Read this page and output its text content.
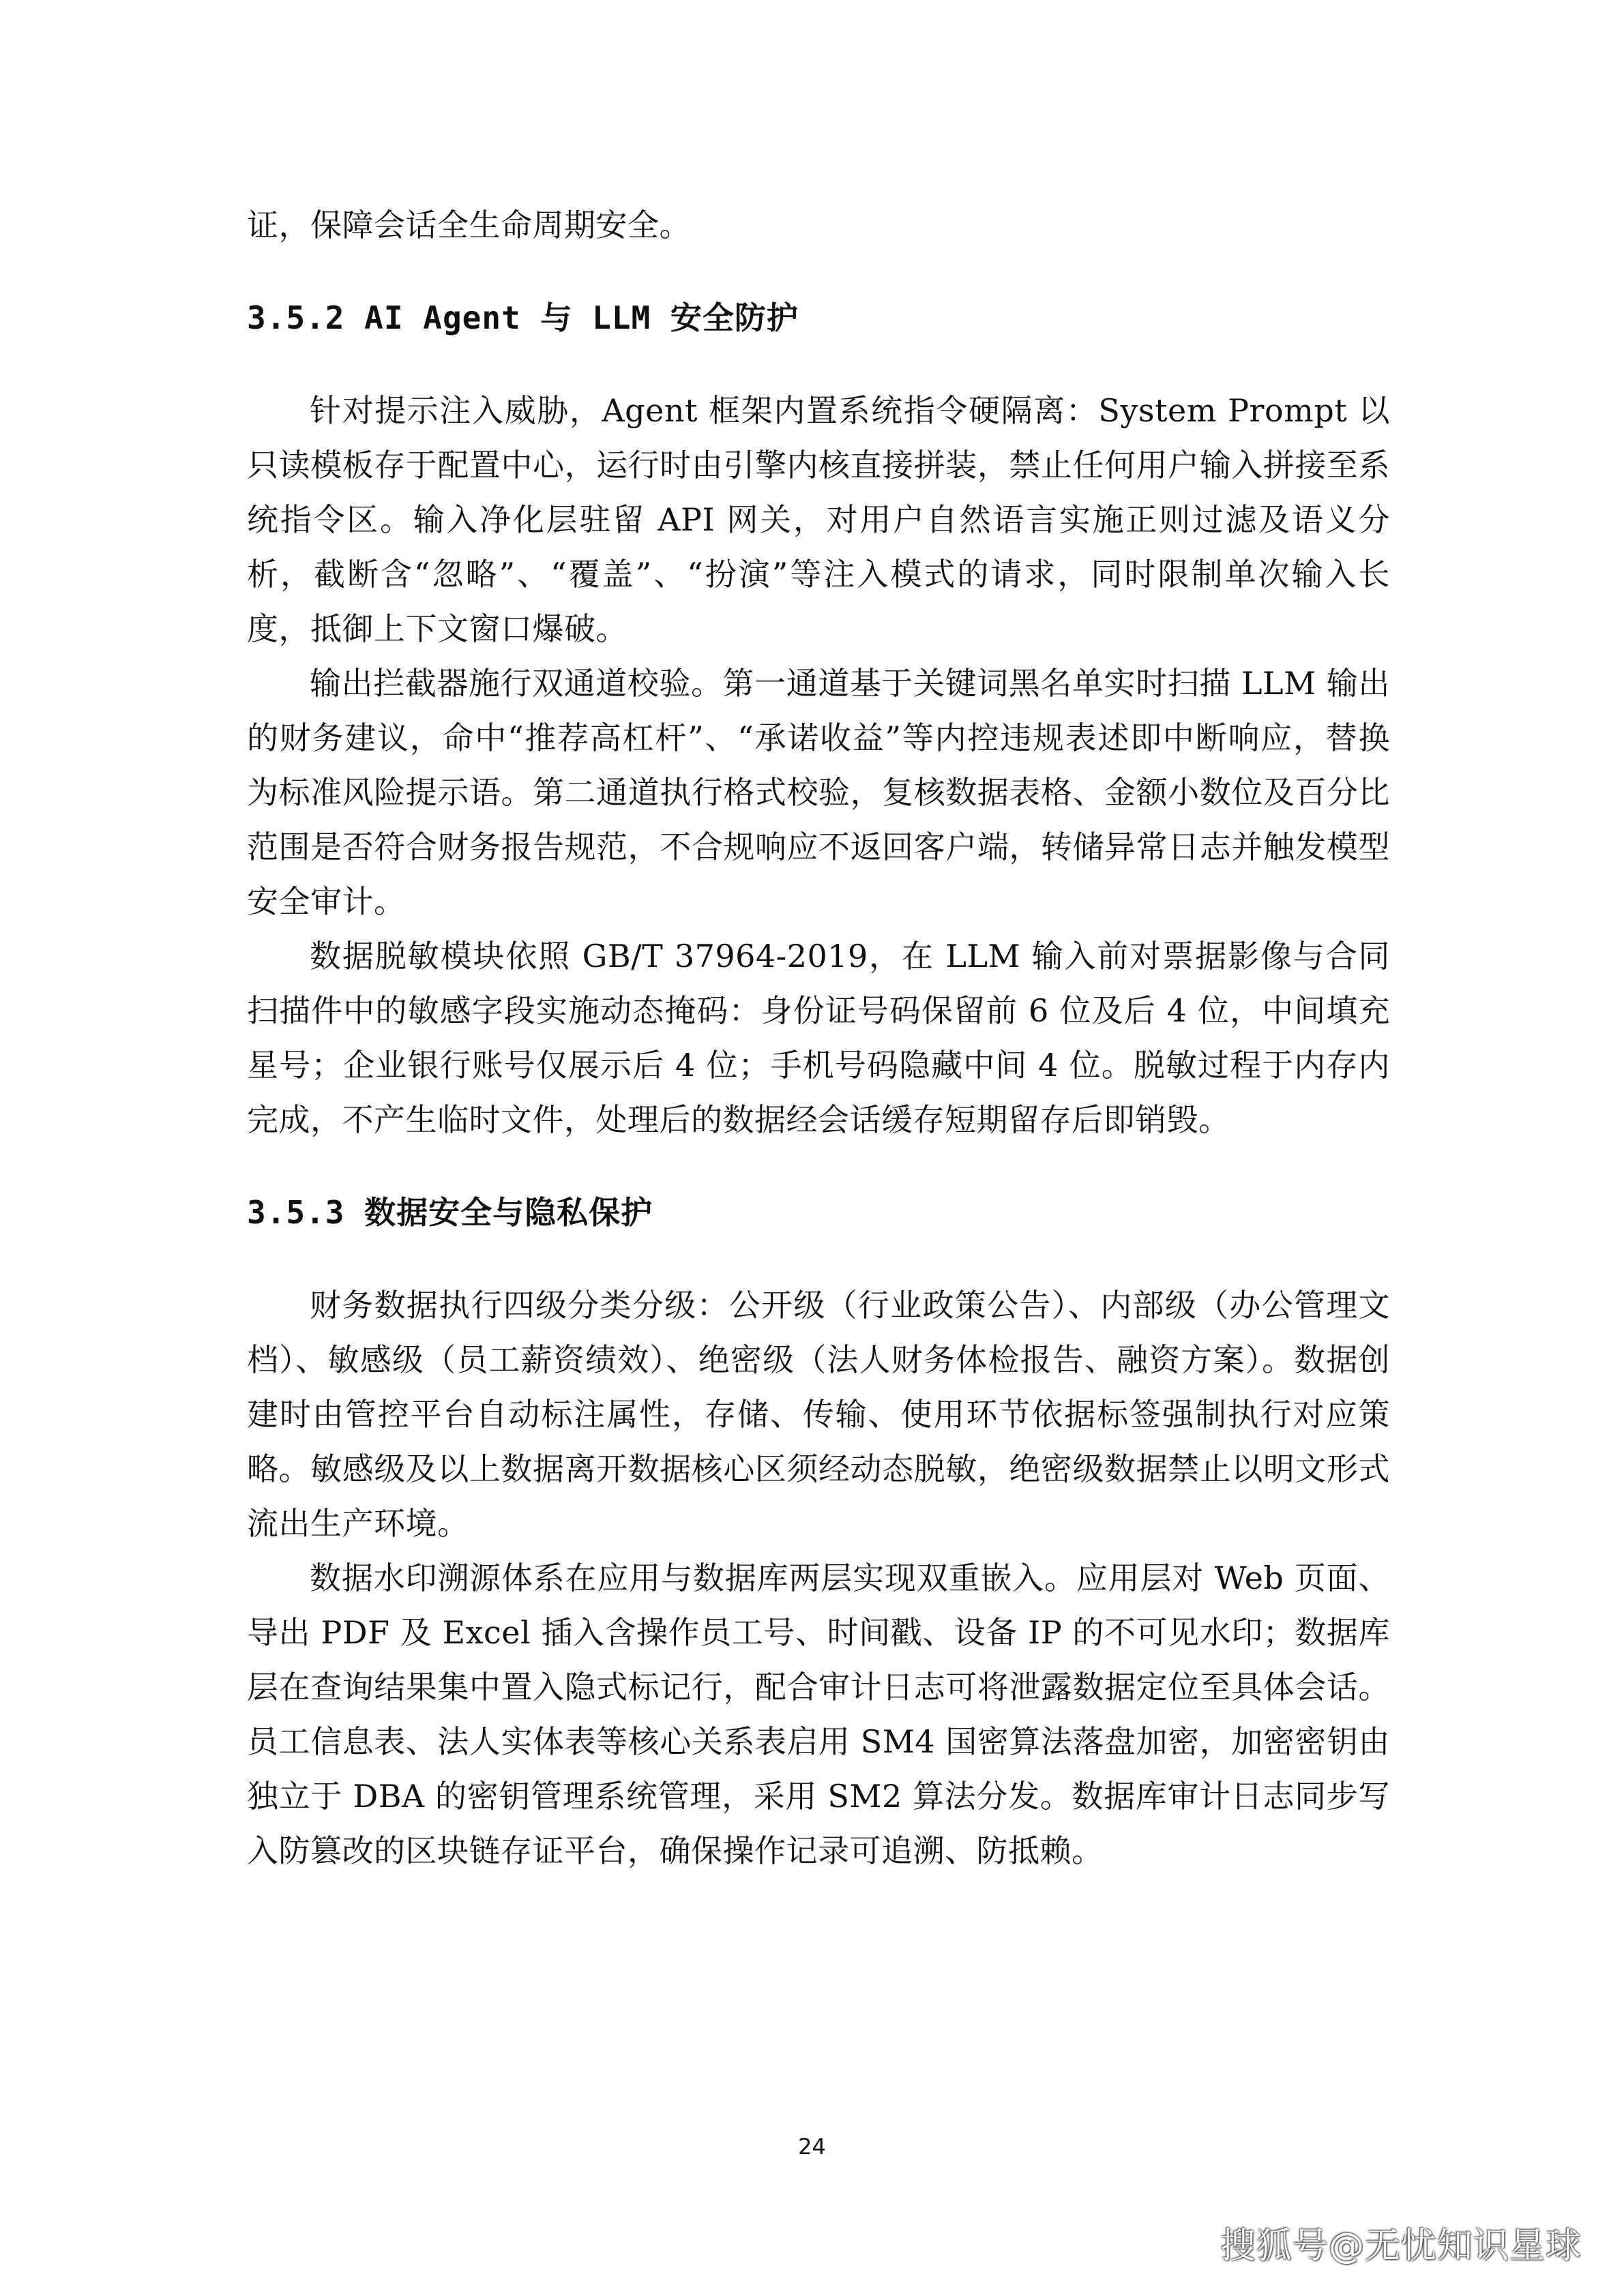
证，保障会话全生命周期安全。

3.5.2 AI Agent 与 LLM 安全防护

针对提示注入威胁，Agent 框架内置系统指令硬隔离：System Prompt 以只读模板存于配置中心，运行时由引擎内核直接拼装，禁止任何用户输入拼接至系统指令区。输入净化层驻留 API 网关，对用户自然语言实施正则过滤及语义分析，截断含“忽略”、“覆盖”、“扮演”等注入模式的请求，同时限制单次输入长度，抵御上下文窗口爆破。

输出拦截器施行双通道校验。第一通道基于关键词黑名单实时扫描 LLM 输出的财务建议，命中“推荐高杠杆”、“承诺收益”等内控违规表述即中断响应，替换为标准风险提示语。第二通道执行格式校验，复核数据表格、金额小数位及百分比范围是否符合财务报告规范，不合规响应不返回客户端，转储异常日志并触发模型安全审计。

数据脱敏模块依照 GB/T 37964-2019，在 LLM 输入前对票据影像与合同扫描件中的敏感字段实施动态掩码：身份证号码保留前 6 位及后 4 位，中间填充星号；企业银行账号仅展示后 4 位；手机号码隐藏中间 4 位。脱敏过程于内存内完成，不产生临时文件，处理后的数据经会话缓存短期留存后即销毁。

3.5.3 数据安全与隐私保护

财务数据执行四级分类分级：公开级（行业政策公告）、内部级（办公管理文档）、敏感级（员工薪资绩效）、绝密级（法人财务体检报告、融资方案）。数据创建时由管控平台自动标注属性，存储、传输、使用环节依据标签强制执行对应策略。敏感级及以上数据离开数据核心区须经动态脱敏，绝密级数据禁止以明文形式流出生产环境。

数据水印溯源体系在应用与数据库两层实现双重嵌入。应用层对 Web 页面、导出 PDF 及 Excel 插入含操作员工号、时间戳、设备 IP 的不可见水印；数据库层在查询结果集中置入隐式标记行，配合审计日志可将泄露数据定位至具体会话。员工信息表、法人实体表等核心关系表启用 SM4 国密算法落盘加密，加密密钥由独立于 DBA 的密钥管理系统管理，采用 SM2 算法分发。数据库审计日志同步写入防篡改的区块链存证平台，确保操作记录可追溯、防抵赖。

24
搜狐号@无忧知识星球
